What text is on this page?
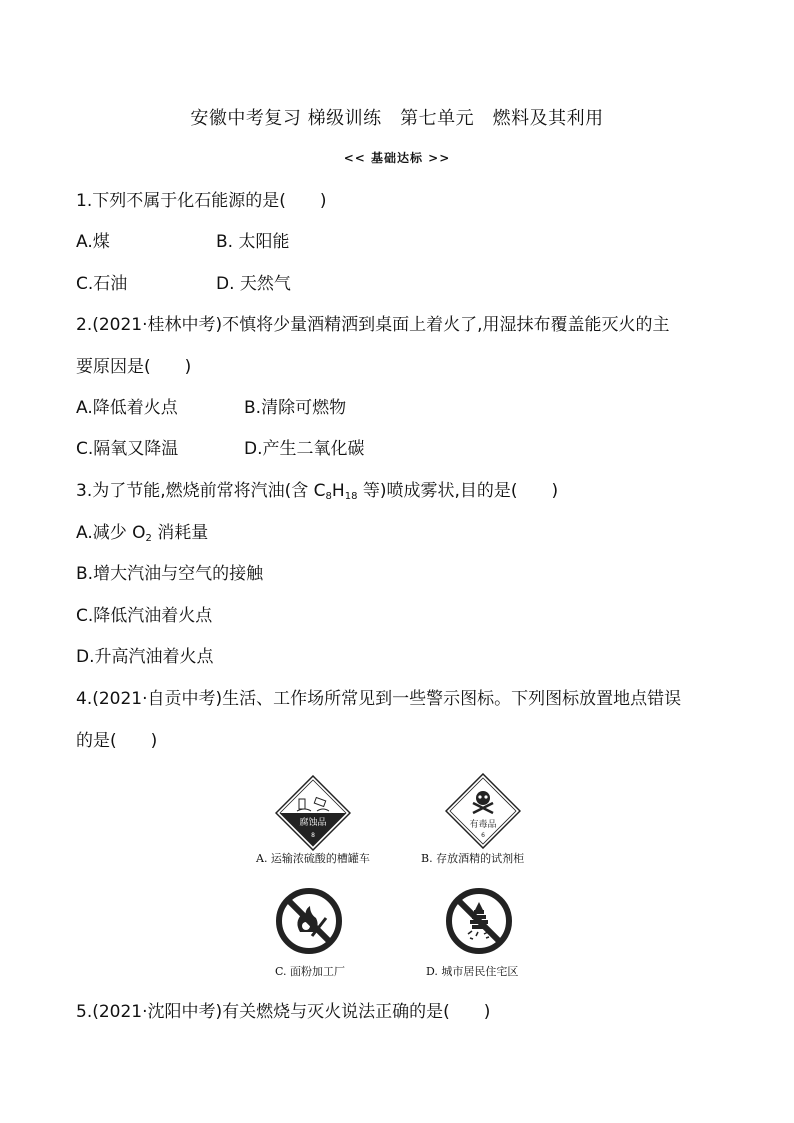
安徽中考复习 梯级训练　第七单元　燃料及其利用
<< 基础达标 >>
1.下列不属于化石能源的是(　　)
A.煤	B. 太阳能
C.石油	D. 天然气
2.(2021·桂林中考)不慎将少量酒精洒到桌面上着火了,用湿抹布覆盖能灭火的主
要原因是(　　)
A.降低着火点	B.清除可燃物
C.隔氧又降温	D.产生二氧化碳
3.为了节能,燃烧前常将汽油(含 $C_8H_{18}$ 等)喷成雾状,目的是(　　)
A.减少 $O_2$ 消耗量
B.增大汽油与空气的接触
C.降低汽油着火点
D.升高汽油着火点
4.(2021·自贡中考)生活、工作场所常见到一些警示图标。下列图标放置地点错误
的是(　　)
腐蚀品
8
A. 运输浓硫酸的槽罐车
有毒品
6
B. 存放酒精的试剂柜
C. 面粉加工厂	D. 城市居民住宅区
5.(2021·沈阳中考)有关燃烧与灭火说法正确的是(　　)
